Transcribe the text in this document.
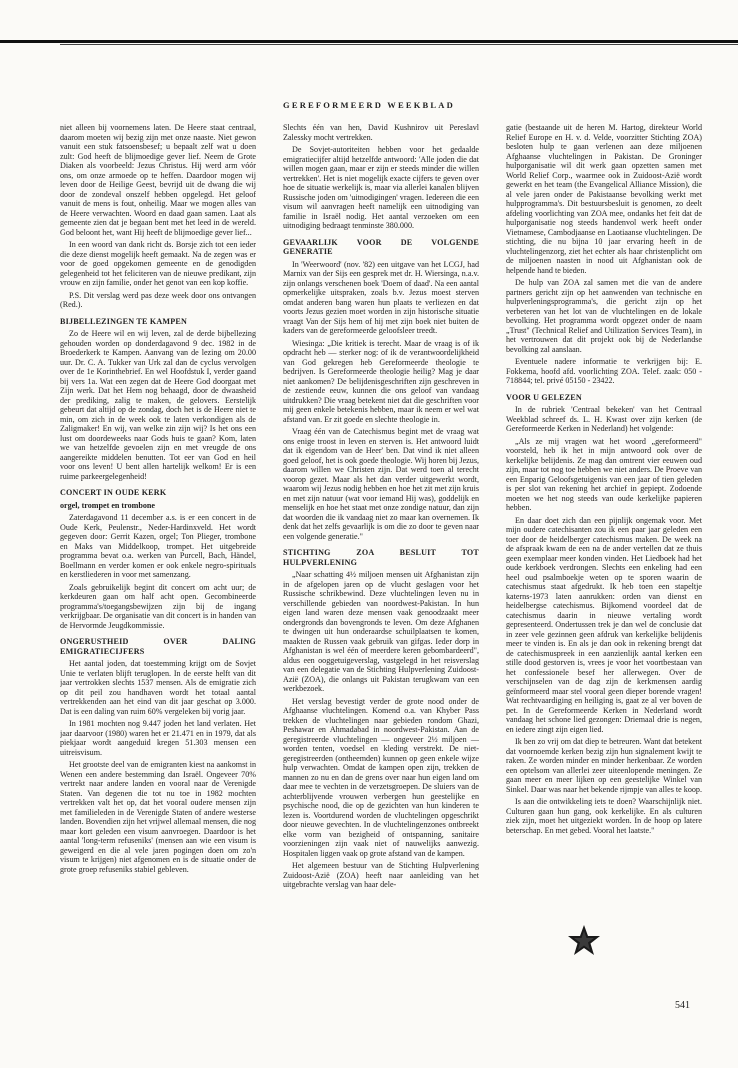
GEREFORMEERD WEEKBLAD

niet alleen bij voornemens laten. De Heere staat centraal, daarom moeten wij bezig zijn met onze naaste. Niet gewon vanuit een stuk fatsoensbesef; u bepaalt zelf wat u doen zult: God heeft de blijmoedige gever lief. Neem de Grote Diaken als voorbeeld: Jezus Christus. Hij werd arm vóór ons, om onze armoede op te heffen. Daardoor mogen wij leven door de Heilige Geest, bevrijd uit de dwang die wij door de zondeval onszelf hebben opgelegd. Het geloof vanuit de mens is fout, onheilig. Maar we mogen alles van de Heere verwachten. Woord en daad gaan samen. Laat als gemeente zien dat je begaan bent met het leed in de wereld. God beloont het, want Hij heeft de blijmoedige gever lief...

In een woord van dank richt ds. Borsje zich tot een ieder die deze dienst mogelijk heeft gemaakt. Na de zegen was er voor de goed opgekomen gemeente en de genodigden gelegenheid tot het feliciteren van de nieuwe predikant, zijn vrouw en zijn familie, onder het genot van een kop koffie.

P.S. Dit verslag werd pas deze week door ons ontvangen (Red.).

BIJBELLEZINGEN TE KAMPEN

Zo de Heere wil en wij leven, zal de derde bijbellezing gehouden worden op donderdagavond 9 dec. 1982 in de Broederkerk te Kampen. Aanvang van de lezing om 20.00 uur. Dr. C. A. Tukker van Urk zal dan de cyclus vervolgen over de 1e Korinthebrief. En wel Hoofdstuk I, verder gaand bij vers 1a. Wat een zegen dat de Heere God doorgaat met Zijn werk. Dat het Hem nog behaagd, door de dwaasheid der prediking, zalig te maken, de gelovers. Eerstelijk gebeurt dat altijd op de zondag, doch het is de Heere niet te min, om zich in de week ook te laten verkondigen als de Zaligmaker! En wij, van welke zin zijn wij? Is het ons een lust om doordeweeks naar Gods huis te gaan? Kom, laten we van hetzelfde gevoelen zijn en met vreugde de ons aangereikte middelen benutten. Tot eer van God en heil voor ons leven! U bent allen hartelijk welkom! Er is een ruime parkeergelegenheid!

CONCERT IN OUDE KERK
orgel, trompet en trombone

Zaterdagavond 11 december a.s. is er een concert in de Oude Kerk, Peulenstr., Neder-Hardinxveld. Het wordt gegeven door: Gerrit Kazen, orgel; Ton Plieger, trombone en Maks van Middelkoop, trompet. Het uitgebreide programma bevat o.a. werken van Purcell, Bach, Händel, Boellmann en verder komen er ook enkele negro-spirituals en kerstliederen in voor met samenzang.

Zoals gebruikelijk begint dit concert om acht uur; de kerkdeuren gaan om half acht open. Gecombineerde programma's/toegangsbewijzen zijn bij de ingang verkrijgbaar. De organisatie van dit concert is in handen van de Hervormde Jeugdkommissie.

ONGERUSTHEID OVER DALING EMIGRATIECIJFERS

Het aantal joden, dat toestemming krijgt om de Sovjet Unie te verlaten blijft teruglopen. In de eerste helft van dit jaar vertrokken slechts 1537 mensen. Als de emigratie zich op dit peil zou handhaven wordt het totaal aantal vertrekkenden aan het eind van dit jaar geschat op 3.000. Dat is een daling van ruim 60% vergeleken bij vorig jaar.

In 1981 mochten nog 9.447 joden het land verlaten. Het jaar daarvoor (1980) waren het er 21.471 en in 1979, dat als piekjaar wordt aangeduid kregen 51.303 mensen een uitreisvisum.

Het grootste deel van de emigranten kiest na aankomst in Wenen een andere bestemming dan Israël. Ongeveer 70% vertrekt naar andere landen en vooral naar de Verenigde Staten. Van degenen die tot nu toe in 1982 mochten vertrekken valt het op, dat het vooral oudere mensen zijn met familieleden in de Verenigde Staten of andere westerse landen. Bovendien zijn het vrijwel allemaal mensen, die nog maar kort geleden een visum aanvroegen. Daardoor is het aantal 'long-term refuseniks' (mensen aan wie een visum is geweigerd en die al vele jaren pogingen doen om zo'n visum te krijgen) niet afgenomen en is de situatie onder de grote groep refuseniks stabiel gebleven.

Slechts één van hen, David Kushnirov uit Pereslavl Zalessky mocht vertrekken.

De Sovjet-autoriteiten hebben voor het gedaalde emigratiecijfer altijd hetzelfde antwoord: 'Alle joden die dat willen mogen gaan, maar er zijn er steeds minder die willen vertrekken'. Het is niet mogelijk exacte cijfers te geven over hoe de situatie werkelijk is, maar via allerlei kanalen blijven Russische joden om 'uitnodigingen' vragen. Iedereen die een visum wil aanvragen heeft namelijk een uitnodiging van familie in Israël nodig. Het aantal verzoeken om een uitnodiging bedraagt tenminste 380.000.

GEVAARLIJK VOOR DE VOLGENDE GENERATIE

In 'Weerwoord' (nov. '82) een uitgave van het LCGJ, had Marnix van der Sijs een gesprek met dr. H. Wiersinga, n.a.v. zijn onlangs verschenen boek 'Doem of daad'. Na een aantal opmerkelijke uitspraken, zoals b.v. Jezus moest sterven omdat anderen bang waren hun plaats te verliezen en dat voorts Jezus gezien moet worden in zijn historische situatie vraagt Van der Sijs hem of hij met zijn boek niet buiten de kaders van de gereformeerde geloofsleer treedt.

Wiesinga: „Die kritiek is terecht. Maar de vraag is of ik opdracht heb — sterker nog: of ik de verantwoordelijkheid van God gekregen heb Gereformeerde theologie te bedrijven. Is Gereformeerde theologie heilig? Mag je daar niet aankomen? De belijdenisgeschriften zijn geschreven in de zestiende eeuw, kunnen die ons geloof van vandaag uitdrukken? Die vraag betekent niet dat die geschriften voor mij geen enkele betekenis hebben, maar ik neem er wel wat afstand van. Er zit goede en slechte theologie in.

Vraag één van de Catechismus begint met de vraag wat ons enige troost in leven en sterven is. Het antwoord luidt dat ik eigendom van de Heer' ben. Dat vind ik niet alleen goed geloof, het is ook goede theologie. Wij horen bij Jezus, daarom willen we Christen zijn. Dat werd toen al terecht voorop gezet. Maar als het dan verder uitgewerkt wordt, waarom wij Jezus nodig hebben en hoe het zit met zijn kruis en met zijn natuur (wat voor iemand Hij was), goddelijk en menselijk en hoe het staat met onze zondige natuur, dan zijn dat woorden die ik vandaag niet zo maar kan overnemen. Ik denk dat het zelfs gevaarlijk is om die zo door te geven naar een volgende generatie."

STICHTING ZOA BESLUIT TOT HULPVERLENING

„Naar schatting 4½ miljoen mensen uit Afghanistan zijn in de afgelopen jaren op de vlucht geslagen voor het Russische schrikbewind. Deze vluchtelingen leven nu in verschillende gebieden van noordwest-Pakistan. In hun eigen land waren deze mensen vaak genoodzaakt meer ondergronds dan bovengronds te leven. Om deze Afghanen te dwingen uit hun onderaardse schuilplaatsen te komen, maakten de Russen vaak gebruik van gifgas. Ieder dorp in Afghanistan is wel één of meerdere keren gebombardeerd", aldus een ooggetuigeverslag, vastgelegd in het reisverslag van een delegatie van de Stichting Hulpverlening Zuidoost-Azië (ZOA), die onlangs uit Pakistan terugkwam van een werkbezoek.

Het verslag bevestigt verder de grote nood onder de Afghaanse vluchtelingen. Komend o.a. van Khyber Pass trekken de vluchtelingen naar gebieden rondom Ghazi, Peshawar en Ahmadabad in noordwest-Pakistan. Aan de geregistreerde vluchtelingen — ongeveer 2½ miljoen — worden tenten, voedsel en kleding verstrekt. De niet-geregistreerden (ontheemden) kunnen op geen enkele wijze hulp verwachten. Omdat de kampen open zijn, trekken de mannen zo nu en dan de grens over naar hun eigen land om daar mee te vechten in de verzetsgroepen. De sluiers van de achterblijvende vrouwen verbergen hun geestelijke en psychische nood, die op de gezichten van hun kinderen te lezen is. Voortdurend worden de vluchtelingen opgeschrikt door nieuwe gevechten. In de vluchtelingenzones ontbreekt elke vorm van bezigheid of ontspanning, sanitaire voorzieningen zijn vaak niet of nauwelijks aanwezig. Hospitalen liggen vaak op grote afstand van de kampen.

Het algemeen bestuur van de Stichting Hulpverlening Zuidoost-Azië (ZOA) heeft naar aanleiding van het uitgebrachte verslag van haar dele-

gatie (bestaande uit de heren M. Hartog, direkteur World Relief Europe en H. v. d. Velde, voorzitter Stichting ZOA) besloten hulp te gaan verlenen aan deze miljoenen Afghaanse vluchtelingen in Pakistan. De Groninger hulporganisatie wil dit werk gaan opzetten samen met World Relief Corp., waarmee ook in Zuidoost-Azië wordt gewerkt en het team (the Evangelical Alliance Mission), die al vele jaren onder de Pakistaanse bevolking werkt met hulpprogramma's. Dit bestuursbesluit is genomen, zo deelt afdeling voorlichting van ZOA mee, ondanks het feit dat de hulporganisatie nog steeds handenvol werk heeft onder Vietnamese, Cambodjaanse en Laotiaanse vluchtelingen. De stichting, die nu bijna 10 jaar ervaring heeft in de vluchtelingenzorg, ziet het echter als haar christenplicht om de miljoenen naasten in nood uit Afghanistan ook de helpende hand te bieden.

De hulp van ZOA zal samen met die van de andere partners gericht zijn op het aanwenden van technische en hulpverleningsprogramma's, die gericht zijn op het verbeteren van het lot van de vluchtelingen en de lokale bevolking. Het programma wordt opgezet onder de naam „Trust" (Technical Relief and Utilization Services Team), in het vertrouwen dat dit projekt ook bij de Nederlandse bevolking zal aanslaan.

Eventuele nadere informatie te verkrijgen bij: E. Fokkema, hoofd afd. voorlichting ZOA. Telef. zaak: 050 - 718844; tel. privé 05150 - 23422.

VOOR U GELEZEN

In de rubriek 'Centraal bekeken' van het Centraal Weekblad schreef ds. L. H. Kwast over zijn kerken (de Gereformeerde Kerken in Nederland) het volgende:

„Als ze mij vragen wat het woord „gereformeerd" voorsteld, heb ik het in mijn antwoord ook over de kerkelijke belijdenis. Ze mag dan omtrent vier eeuwen oud zijn, maar tot nog toe hebben we niet anders. De Proeve van een Enparig Geloofsgetuigenis van een jaar of tien geleden is per slot van rekening het archief in gepiept. Zodoende moeten we het nog steeds van oude kerkelijke papieren hebben.

En daar doet zich dan een pijnlijk ongemak voor. Met mijn oudere catechisanten zou ik een paar jaar geleden een toer door de heidelberger catechismus maken. De week na de afspraak kwam de een na de ander vertellen dat ze thuis geen exemplaar meer konden vinden. Het Liedboek had het oude kerkboek verdrongen. Slechts een enkeling had een heel oud psalmboekje weten op te sporen waarin de catechismus staat afgedrukt. Ik heb toen een stapeltje katerns-1973 laten aanrukken: orden van dienst en heidelbergse catechismus. Bijkomend voordeel dat de catechismus daarin in nieuwe vertaling wordt gepresenteerd. Ondertussen trek je dan wel de conclusie dat in zeer vele gezinnen geen afdruk van kerkelijke belijdenis meer te vinden is. En als je dan ook in rekening brengt dat de catechismuspreek in een aanzienlijk aantal kerken een stille dood gestorven is, vrees je voor het voortbestaan van het confessionele besef her allerwegen. Over de verschijnselen van de dag zijn de kerkmensen aardig geïnformeerd maar stel vooral geen dieper borende vragen! Wat rechtvaardiging en heiliging is, gaat ze al ver boven de pet. In de Gereformeerde Kerken in Nederland wordt vandaag het schone lied gezongen: Driemaal drie is negen, en iedere zingt zijn eigen lied.

Ik ben zo vrij om dat diep te betreuren. Want dat betekent dat voornoemde kerken bezig zijn hun signalement kwijt te raken. Ze worden minder en minder herkenbaar. Ze worden een optelsom van allerlei zeer uiteenlopende meningen. Ze gaan meer en meer lijken op een geestelijke Winkel van Sinkel. Daar was naar het bekende rijmpje van alles te koop.

Is aan die ontwikkeling iets te doen? Waarschijnlijk niet. Culturen gaan hun gang, ook kerkelijke. En als culturen ziek zijn, moet het uitgeziekt worden. In de hoop op latere beterschap. En met gebed. Vooral het laatste."

541
